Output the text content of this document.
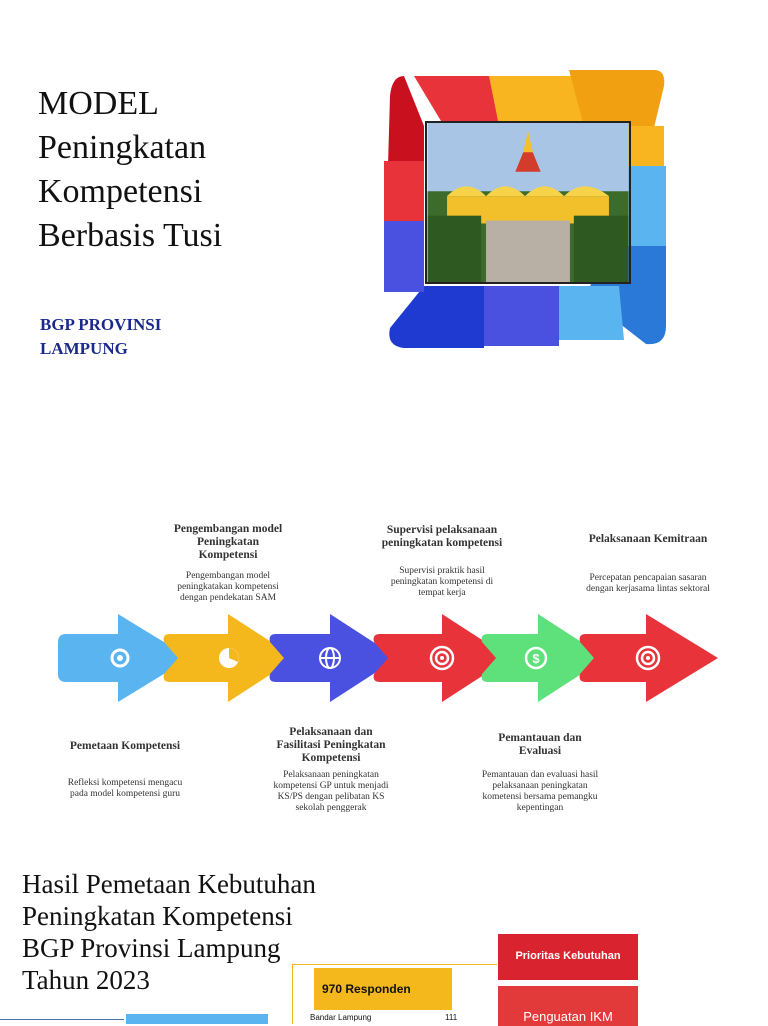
MODEL
Peningkatan
Kompetensi
Berbasis Tusi
BGP PROVINSI
LAMPUNG
Pemetaan Kompetensi
Refleksi kompetensi mengacu
pada model kompetensi guru
Pengembangan model
Peningkatan
Kompetensi
Pengembangan model
peningkatakan kompetensi
dengan pendekatan SAM
Pelaksanaan dan
Fasilitasi Peningkatan
Kompetensi
Pelaksanaan peningkatan
kompetensi GP untuk menjadi
KS/PS dengan pelibatan KS
sekolah penggerak
Supervisi pelaksanaan
peningkatan kompetensi
Supervisi praktik hasil
peningkatan kompetensi di
tempat kerja
Pemantauan dan
Evaluasi
Pemantauan dan evaluasi hasil
pelaksanaan peningkatan
kometensi bersama pemangku
kepentingan
Pelaksanaan Kemitraan
Percepatan pencapaian sasaran
dengan kerjasama lintas sektoral
$
Hasil Pemetaan Kebutuhan
Peningkatan Kompetensi
BGP Provinsi Lampung
Tahun 2023	970 Responden
Bandar Lampung	111
Prioritas Kebutuhan
Penguatan IKM
